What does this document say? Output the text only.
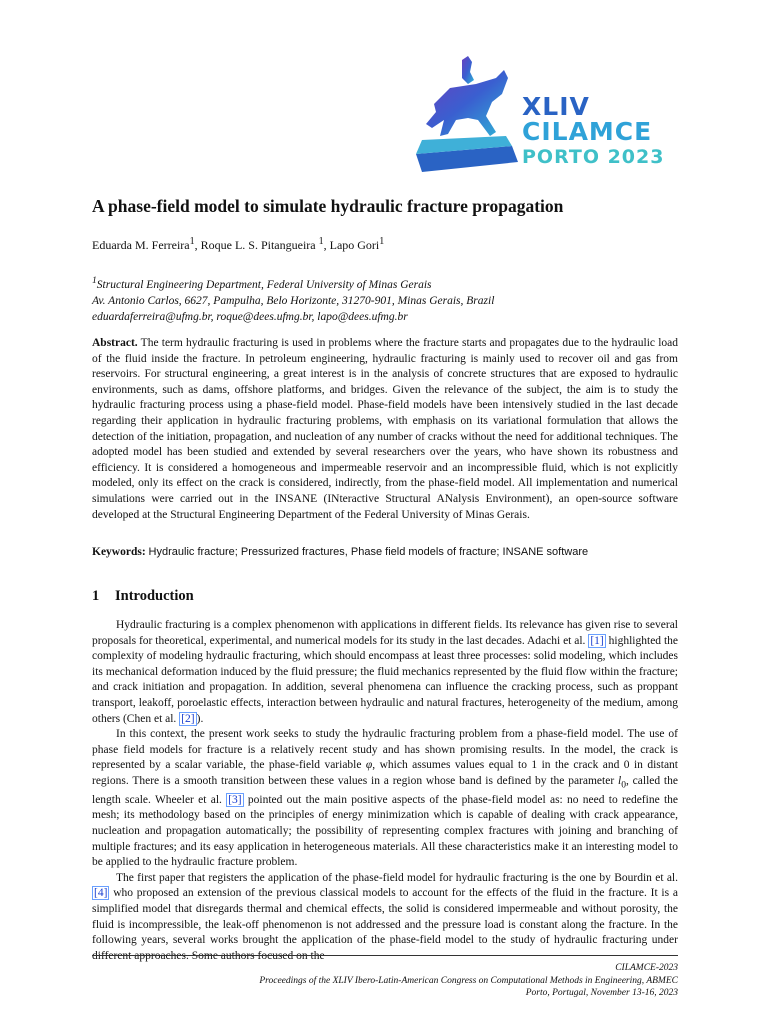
XLIV
CILAMCE
PORTO 2023
A phase-field model to simulate hydraulic fracture propagation
Eduarda M. Ferreira$^1$, Roque L. S. Pitangueira $^1$, Lapo Gori$^1$
$^1$Structural Engineering Department, Federal University of Minas Gerais
Av. Antonio Carlos, 6627, Pampulha, Belo Horizonte, 31270-901, Minas Gerais, Brazil
eduardaferreira@ufmg.br, roque@dees.ufmg.br, lapo@dees.ufmg.br
Abstract. The term hydraulic fracturing is used in problems where the fracture starts and propagates due to the hydraulic load of the fluid inside the fracture. In petroleum engineering, hydraulic fracturing is mainly used to recover oil and gas from reservoirs. For structural engineering, a great interest is in the analysis of concrete structures that are exposed to hydraulic environments, such as dams, offshore platforms, and bridges. Given the relevance of the subject, the aim is to study the hydraulic fracturing process using a phase-field model. Phase-field models have been intensively studied in the last decade regarding their application in hydraulic fracturing problems, with emphasis on its variational formulation that allows the detection of the initiation, propagation, and nucleation of any number of cracks without the need for additional techniques. The adopted model has been studied and extended by several researchers over the years, who have shown its robustness and efficiency. It is considered a homogeneous and impermeable reservoir and an incompressible fluid, which is not explicitly modeled, only its effect on the crack is considered, indirectly, from the phase-field model. All implementation and numerical simulations were carried out in the INSANE (INteractive Structural ANalysis Environment), an open-source software developed at the Structural Engineering Department of the Federal University of Minas Gerais.
Keywords: Hydraulic fracture; Pressurized fractures, Phase field models of fracture; INSANE software
1 Introduction

Hydraulic fracturing is a complex phenomenon with applications in different fields. Its relevance has given rise to several proposals for theoretical, experimental, and numerical models for its study in the last decades. Adachi et al. [1] highlighted the complexity of modeling hydraulic fracturing, which should encompass at least three processes: solid modeling, which includes its mechanical deformation induced by the fluid pressure; the fluid mechanics represented by the fluid flow within the fracture; and crack initiation and propagation. In addition, several phenomena can influence the cracking process, such as proppant transport, leakoff, poroelastic effects, interaction between hydraulic and natural fractures, heterogeneity of the medium, among others (Chen et al. [2] ).

In this context, the present work seeks to study the hydraulic fracturing problem from a phase-field model. The use of phase field models for fracture is a relatively recent study and has shown promising results. In the model, the crack is represented by a scalar variable, the phase-field variable φ, which assumes values equal to 1 in the crack and 0 in distant regions. There is a smooth transition between these values in a region whose band is defined by the parameter $l_0$, called the length scale. Wheeler et al. [3] pointed out the main positive aspects of the phase-field model as: no need to redefine the mesh; its methodology based on the principles of energy minimization which is capable of dealing with crack appearance, nucleation and propagation automatically; the possibility of representing complex fractures with joining and branching of multiple fractures; and its easy application in heterogeneous materials. All these characteristics make it an interesting model to be applied to the hydraulic fracture problem.

The first paper that registers the application of the phase-field model for hydraulic fracturing is the one by Bourdin et al. [4] who proposed an extension of the previous classical models to account for the effects of the fluid in the fracture. It is a simplified model that disregards thermal and chemical effects, the solid is considered impermeable and without porosity, the fluid is incompressible, the leak-off phenomenon is not addressed and the pressure load is constant along the fracture. In the following years, several works brought the application of the phase-field model to the study of hydraulic fracturing under different approaches. Some authors focused on the

CILAMCE-2023
Proceedings of the XLIV Ibero-Latin-American Congress on Computational Methods in Engineering, ABMEC
Porto, Portugal, November 13-16, 2023
